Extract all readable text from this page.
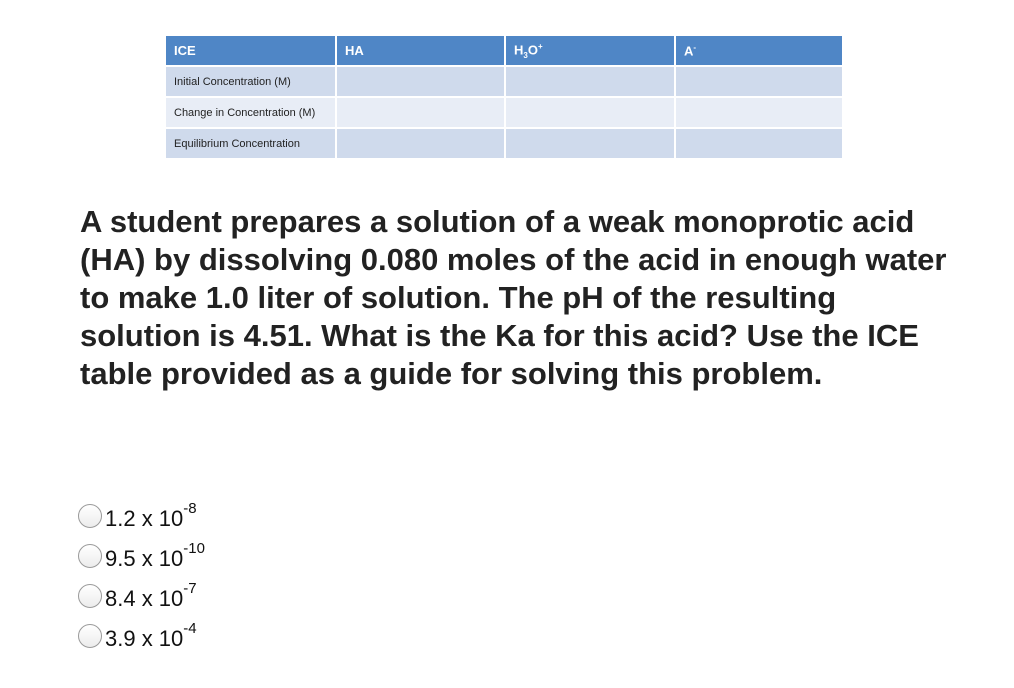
ICE	HA	$H_3O^+$	A-
Initial Concentration (M)			
Change in Concentration (M)			
Equilibrium Concentration			

A student prepares a solution of a weak monoprotic acid (HA) by dissolving 0.080 moles of the acid in enough water to make 1.0 liter of solution. The pH of the resulting solution is 4.51. What is the Ka for this acid? Use the ICE table provided as a guide for solving this problem.

1.2 x $10^{-8}$
9.5 x $10^{-10}$
8.4 x $10^{-7}$
3.9 x $10^{-4}$
